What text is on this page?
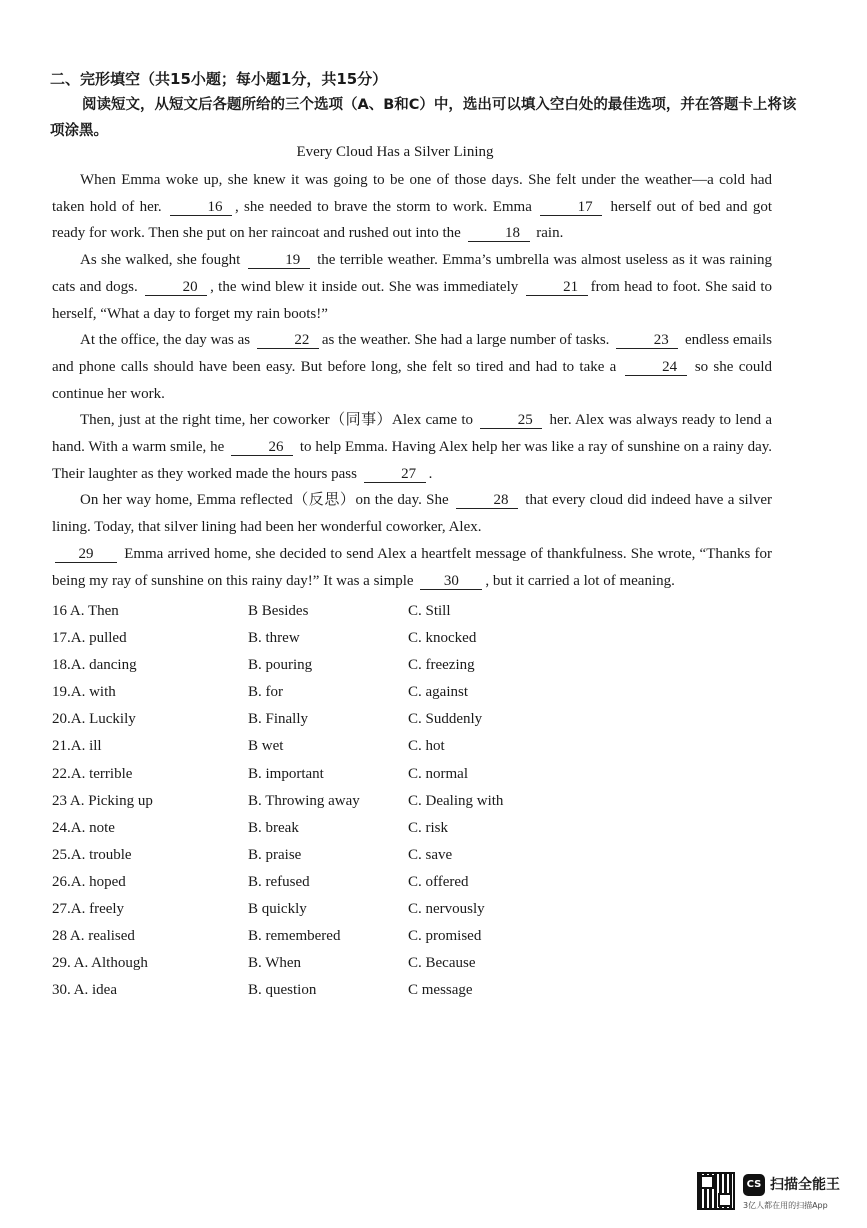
二、完形填空（共15小题；每小题1分，共15分）
阅读短文，从短文后各题所给的三个选项（A、B和C）中，选出可以填入空白处的最佳选项，并在答题卡上将该项涂黑。
Every Cloud Has a Silver Lining

When Emma woke up, she knew it was going to be one of those days. She felt under the weather—a cold had taken hold of her.	16 , she needed to brave the storm to work. Emma	17 herself out of bed and got ready for work. Then she put on her raincoat and rushed out into the	18 rain.

As she walked, she fought	19 the terrible weather. Emma’s umbrella was almost useless as it was raining cats and dogs.	20 , the wind blew it inside out. She was immediately	21 from head to foot. She said to herself, “What a day to forget my rain boots!”

At the office, the day was as	22 as the weather. She had a large number of tasks.	23 endless emails and phone calls should have been easy. But before long, she felt so tired and had to take a	24 so she could continue her work.

Then, just at the right time, her coworker（同事）Alex came to	25 her. Alex was always ready to lend a hand. With a warm smile, he	26 to help Emma. Having Alex help her was like a ray of sunshine on a rainy day. Their laughter as they worked made the hours pass	27 .

On her way home, Emma reflected（反思）on the day. She	28 that every cloud did indeed have a silver lining. Today, that silver lining had been her wonderful coworker, Alex.

29 Emma arrived home, she decided to send Alex a heartfelt message of thankfulness. She wrote, “Thanks for being my ray of sunshine on this rainy day!” It was a simple 30 , but it carried a lot of meaning.

16 A. Then	B Besides	C. Still
17.A. pulled	B. threw	C. knocked
18.A. dancing	B. pouring	C. freezing
19.A. with	B. for	C. against
20.A. Luckily	B. Finally	C. Suddenly
21.A. ill	B wet	C. hot
22.A. terrible	B. important	C. normal
23 A. Picking up	B. Throwing away	C. Dealing with
24.A. note	B. break	C. risk
25.A. trouble	B. praise	C. save
26.A. hoped	B. refused	C. offered
27.A. freely	B quickly	C. nervously
28 A. realised	B. remembered	C. promised
29. A. Although	B. When	C. Because
30. A. idea	B. question	C message
CS 扫描全能王
3亿人都在用的扫描App
